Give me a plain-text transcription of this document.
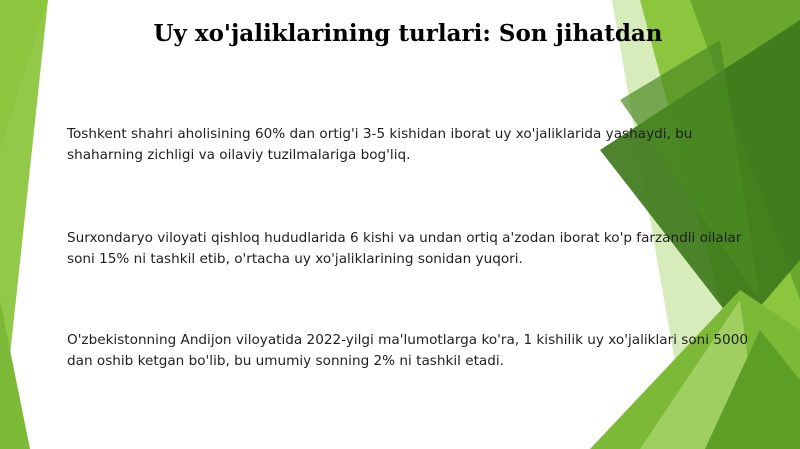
Uy xo'jaliklarining turlari: Son jihatdan

Toshkent shahri aholisining 60% dan ortig'i 3-5 kishidan iborat uy xo'jaliklarida yashaydi, bu shaharning zichligi va oilaviy tuzilmalariga bog'liq.

Surxondaryo viloyati qishloq hududlarida 6 kishi va undan ortiq a'zodan iborat ko'p farzandli oilalar soni 15% ni tashkil etib, o'rtacha uy xo'jaliklarining sonidan yuqori.

O'zbekistonning Andijon viloyatida 2022-yilgi ma'lumotlarga ko'ra, 1 kishilik uy xo'jaliklari soni 5000 dan oshib ketgan bo'lib, bu umumiy sonning 2% ni tashkil etadi.
